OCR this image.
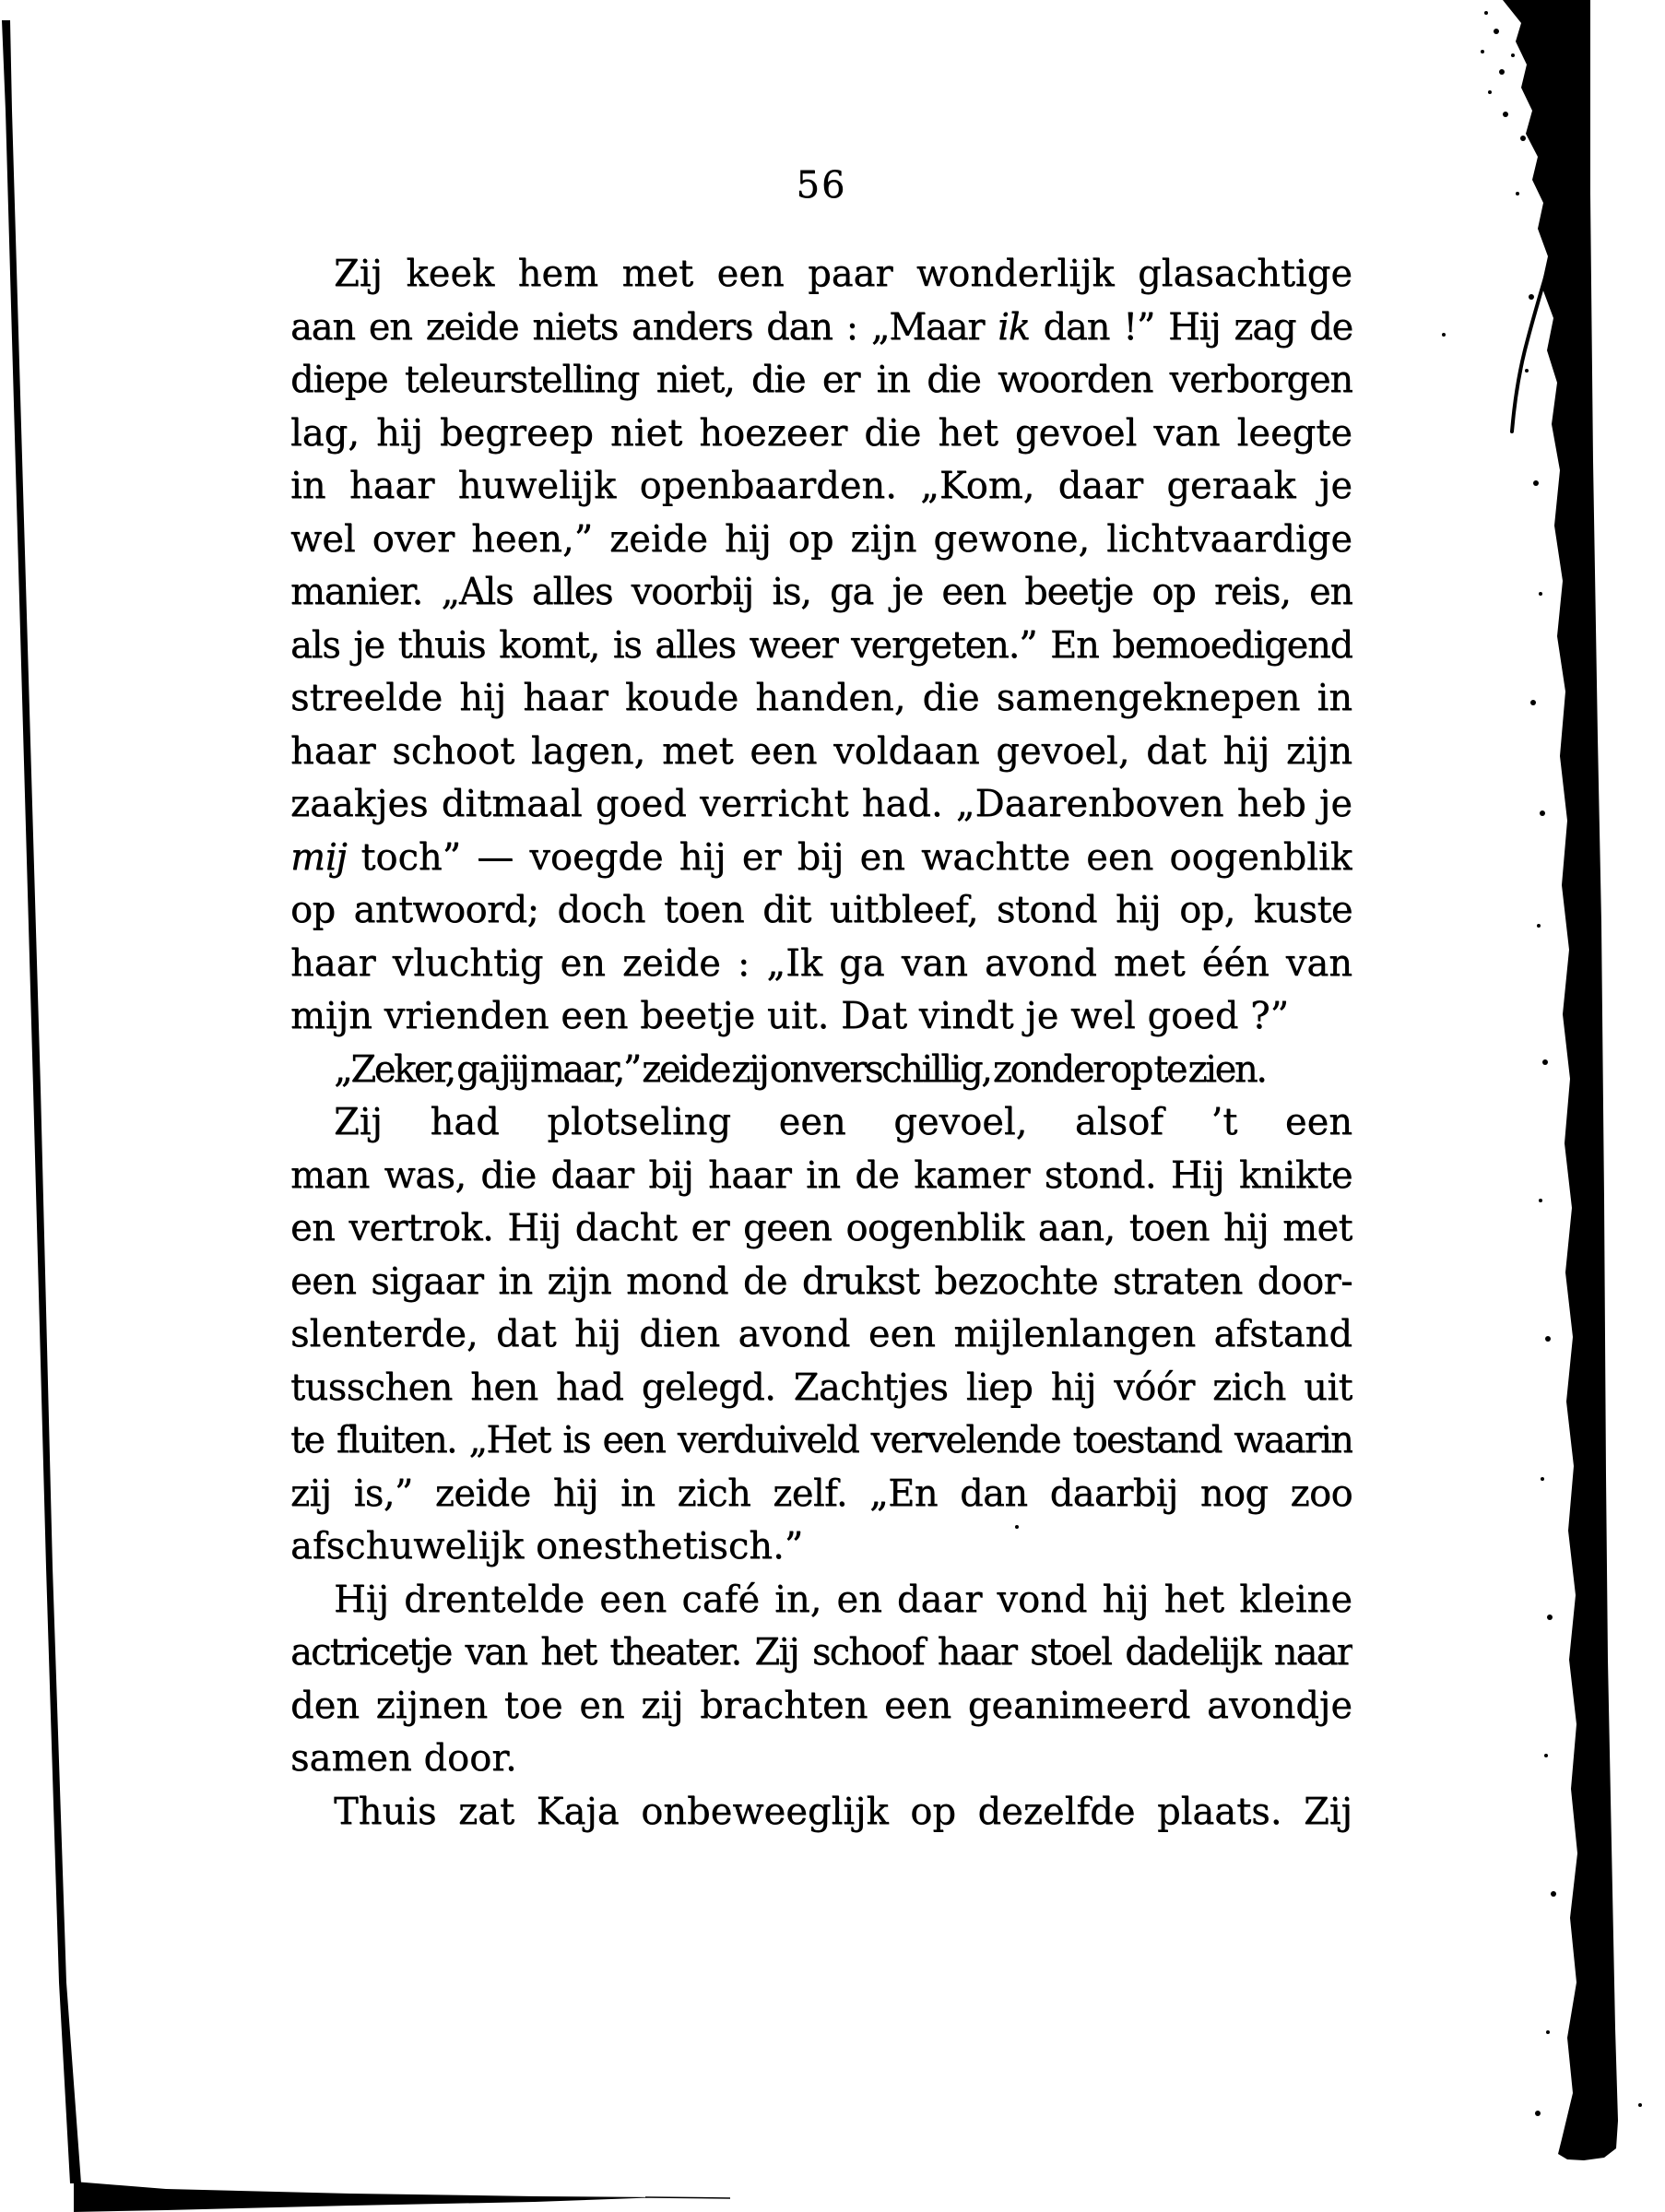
56
Zij keek hem met een paar wonderlijk glasachtige
aan en zeide niets anders dan : „Maar ik dan !” Hij zag de
diepe teleurstelling niet, die er in die woorden verborgen
lag, hij begreep niet hoezeer die het gevoel van leegte
in haar huwelijk openbaarden. „Kom, daar geraak je
wel over heen,” zeide hij op zijn gewone, lichtvaardige
manier. „Als alles voorbij is, ga je een beetje op reis, en
als je thuis komt, is alles weer vergeten.” En bemoedigend
streelde hij haar koude handen, die samengeknepen in
haar schoot lagen, met een voldaan gevoel, dat hij zijn
zaakjes ditmaal goed verricht had. „Daarenboven heb je
mĳ toch” — voegde hij er bij en wachtte een oogenblik
op antwoord; doch toen dit uitbleef, stond hij op, kuste
haar vluchtig en zeide : „Ik ga van avond met één van
mijn vrienden een beetje uit. Dat vindt je wel goed ?”
„Zeker, ga jij maar,” zeide zij onverschillig, zonder op te zien.
Zij had plotseling een gevoel, alsof ’t een
man was, die daar bij haar in de kamer stond. Hij knikte
en vertrok. Hij dacht er geen oogenblik aan, toen hij met
een sigaar in zijn mond de drukst bezochte straten door-
slenterde, dat hij dien avond een mijlenlangen afstand
tusschen hen had gelegd. Zachtjes liep hij vóór zich uit
te fluiten. „Het is een verduiveld vervelende toestand waarin
zij is,” zeide hij in zich zelf. „En dan daarbij nog zoo
afschuwelijk onesthetisch.”
Hij drentelde een café in, en daar vond hij het kleine
actricetje van het theater. Zij schoof haar stoel dadelijk naar
den zijnen toe en zij brachten een geanimeerd avondje
samen door.
Thuis zat Kaja onbeweeglijk op dezelfde plaats. Zij
